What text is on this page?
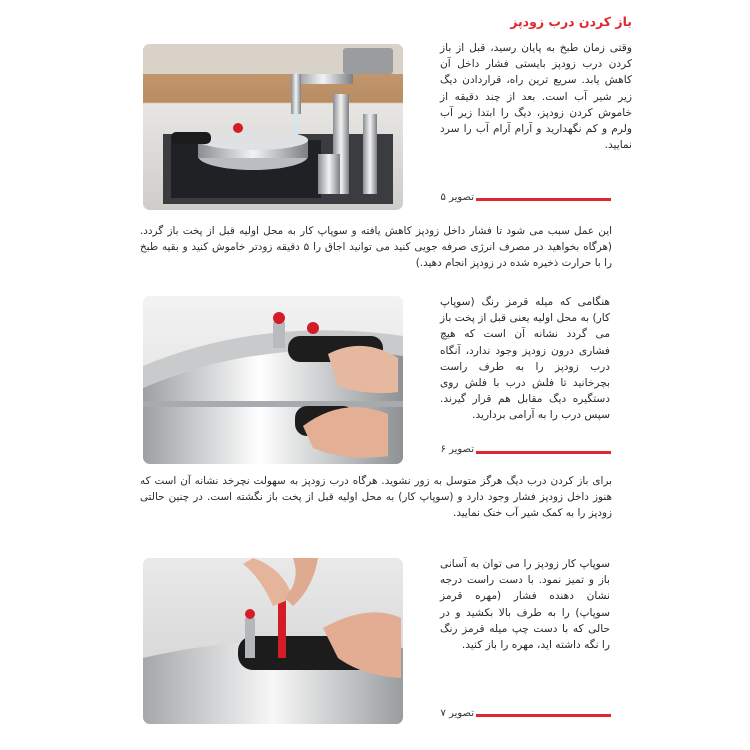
باز کردن درب زودپز
وقتی زمان طبخ به پایان رسید، قبل از باز کردن درب زودپز بایستی فشار داخل آن کاهش یابد. سریع ترین راه، قراردادن دیگ زیر شیر آب است. بعد از چند دقیقه از خاموش کردن زودپز، دیگ را ابتدا زیر آب ولرم و کم نگهدارید و آرام آرام آب را سرد نمایید.
تصویر ۵
این عمل سبب می شود تا فشار داخل زودپز کاهش یافته و سوپاپ کار به محل اولیه قبل از پخت باز گردد. (هرگاه بخواهید در مصرف انرژی صرفه جویی کنید می توانید اجاق را ۵ دقیقه زودتر خاموش کنید و بقیه طبخ را با حرارت ذخیره شده در زودپز انجام دهید.)
هنگامی که میله قرمز رنگ (سوپاپ کار) به محل اولیه یعنی قبل از پخت باز می گردد نشانه آن است که هیچ فشاری درون زودپز وجود ندارد، آنگاه درب زودپز را به طرف راست بچرخانید تا فلش درب با فلش روی دستگیره دیگ مقابل هم قرار گیرند. سپس درب را به آرامی بردارید.
تصویر ۶
برای باز کردن درب دیگ هرگز متوسل به زور نشوید. هرگاه درب زودپز به سهولت نچرخد نشانه آن است که هنوز داخل زودپز فشار وجود دارد و (سوپاپ کار) به محل اولیه قبل از پخت باز نگشته است. در چنین حالتی زودپز را به کمک شیر آب خنک نمایید.
سوپاپ کار زودپز را می توان به آسانی باز و تمیز نمود. با دست راست درجه نشان دهنده فشار (مهره قرمز سوپاپ) را به طرف بالا بکشید و در حالی که با دست چپ میله قرمز رنگ را نگه داشته اید، مهره را باز کنید.
تصویر ۷
